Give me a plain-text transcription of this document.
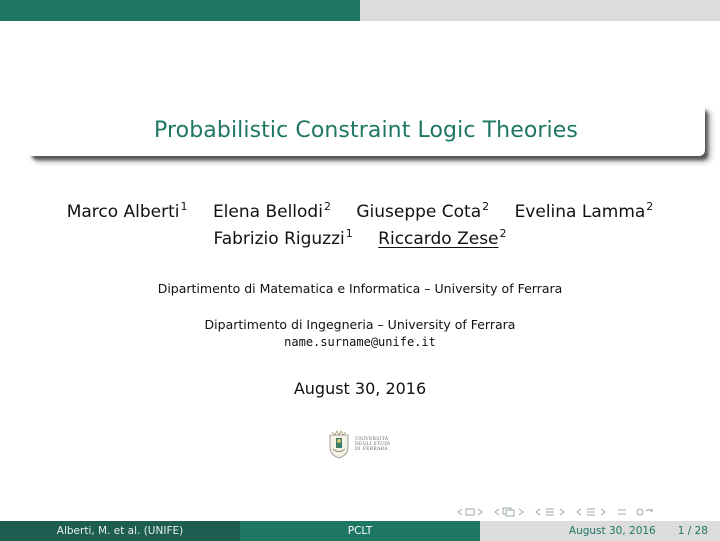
Probabilistic Constraint Logic Theories
Marco Alberti$^1$ Elena Bellodi$^2$ Giuseppe Cota$^2$ Evelina Lamma$^2$
Fabrizio Riguzzi$^1$ Riccardo Zese$^2$
Dipartimento di Matematica e Informatica – University of Ferrara
Dipartimento di Ingegneria – University of Ferrara
name.surname@unife.it
August 30, 2016
UNIVERSITÀ
DEGLI STUDI
DI FERRARA
Alberti, M. et al. (UNIFE)	PCLT	August 30, 2016 1 / 28
